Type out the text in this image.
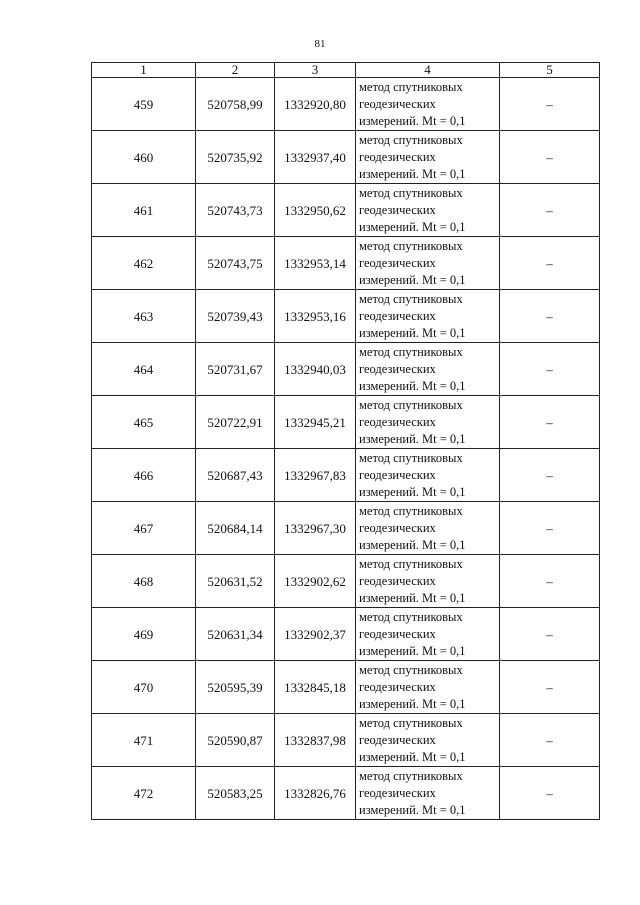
81
1	2	3	4	5
459	520758,99	1332920,80	метод спутниковых
геодезических
измерений. Mt = 0,1	–
460	520735,92	1332937,40	метод спутниковых
геодезических
измерений. Mt = 0,1	–
461	520743,73	1332950,62	метод спутниковых
геодезических
измерений. Mt = 0,1	–
462	520743,75	1332953,14	метод спутниковых
геодезических
измерений. Mt = 0,1	–
463	520739,43	1332953,16	метод спутниковых
геодезических
измерений. Mt = 0,1	–
464	520731,67	1332940,03	метод спутниковых
геодезических
измерений. Mt = 0,1	–
465	520722,91	1332945,21	метод спутниковых
геодезических
измерений. Mt = 0,1	–
466	520687,43	1332967,83	метод спутниковых
геодезических
измерений. Mt = 0,1	–
467	520684,14	1332967,30	метод спутниковых
геодезических
измерений. Mt = 0,1	–
468	520631,52	1332902,62	метод спутниковых
геодезических
измерений. Mt = 0,1	–
469	520631,34	1332902,37	метод спутниковых
геодезических
измерений. Mt = 0,1	–
470	520595,39	1332845,18	метод спутниковых
геодезических
измерений. Mt = 0,1	–
471	520590,87	1332837,98	метод спутниковых
геодезических
измерений. Mt = 0,1	–
472	520583,25	1332826,76	метод спутниковых
геодезических
измерений. Mt = 0,1	–
